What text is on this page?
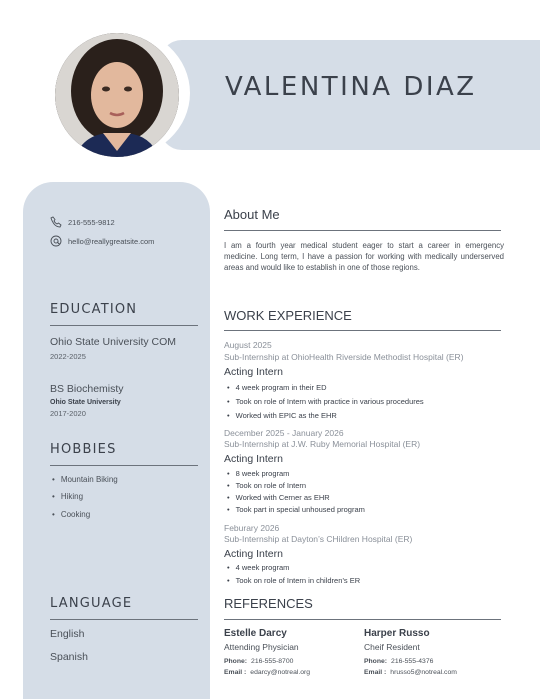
VALENTINA DIAZ
216-555-9812
hello@reallygreatsite.com
EDUCATION
Ohio State University COM
2022-2025
BS Biochemisty
Ohio State University
2017-2020
HOBBIES
• Mountain Biking
• Hiking
• Cooking
LANGUAGE
English
Spanish
About Me
I am a fourth year medical student eager to start a career in emergency medicine. Long term, I have a passion for working with medically underserved areas and would like to establish in one of those regions.
WORK EXPERIENCE
August 2025
Sub-Internship at OhioHealth Riverside Methodist Hospital (ER)
Acting Intern
• 4 week program in their ED
• Took on role of Intern with practice in various procedures
• Worked with EPIC as the EHR
December 2025 - January 2026
Sub-Internship at J.W. Ruby Memorial Hospital (ER)
Acting Intern
• 8 week program
• Took on role of Intern
• Worked with Cerner as EHR
• Took part in special unhoused program
Feburary 2026
Sub-Internship at Dayton’s CHildren Hospital (ER)
Acting Intern
• 4 week program
• Took on role of Intern in children’s ER
REFERENCES
Estelle Darcy
Attending Physician
Phone: 216-555-8700
Email : edarcy@notreal.org
Harper Russo
Cheif Resident
Phone: 216-555-4376
Email : hrusso5@notreal.com
